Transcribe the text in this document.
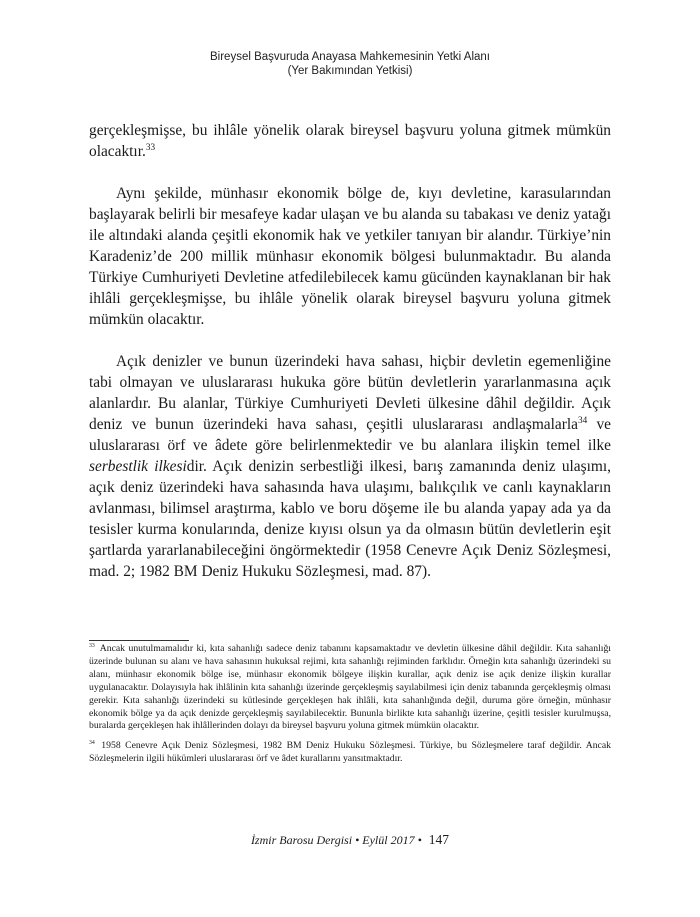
Bireysel Başvuruda Anayasa Mahkemesinin Yetki Alanı
(Yer Bakımından Yetkisi)

gerçekleşmişse, bu ihlâle yönelik olarak bireysel başvuru yoluna gitmek mümkün olacaktır.$^{33}$

Aynı şekilde, münhasır ekonomik bölge de, kıyı devletine, karasularından başlayarak belirli bir mesafeye kadar ulaşan ve bu alanda su tabakası ve deniz yatağı ile altındaki alanda çeşitli ekonomik hak ve yetkiler tanıyan bir alandır. Türkiye’nin Karadeniz’de 200 millik münhasır ekonomik bölgesi bulunmaktadır. Bu alanda Türkiye Cumhuriyeti Devletine atfedilebilecek kamu gücünden kaynaklanan bir hak ihlâli gerçekleşmişse, bu ihlâle yönelik olarak bireysel başvuru yoluna gitmek mümkün olacaktır.

Açık denizler ve bunun üzerindeki hava sahası, hiçbir devletin egemenliğine tabi olmayan ve uluslararası hukuka göre bütün devletlerin yararlanmasına açık alanlardır. Bu alanlar, Türkiye Cumhuriyeti Devleti ülkesine dâhil değildir. Açık deniz ve bunun üzerindeki hava sahası, çeşitli uluslararası andlaşmalarla$^{34}$ ve uluslararası örf ve âdete göre belirlenmektedir ve bu alanlara ilişkin temel ilke serbestlik ilkesidir. Açık denizin serbestliği ilkesi, barış zamanında deniz ulaşımı, açık deniz üzerindeki hava sahasında hava ulaşımı, balıkçılık ve canlı kaynakların avlanması, bilimsel araştırma, kablo ve boru döşeme ile bu alanda yapay ada ya da tesisler kurma konularında, denize kıyısı olsun ya da olmasın bütün devletlerin eşit şartlarda yararlanabileceğini öngörmektedir (1958 Cenevre Açık Deniz Sözleşmesi, mad. 2; 1982 BM Deniz Hukuku Sözleşmesi, mad. 87).

$^{33}$ Ancak unutulmamalıdır ki, kıta sahanlığı sadece deniz tabanını kapsamaktadır ve devletin ülkesine dâhil değildir. Kıta sahanlığı üzerinde bulunan su alanı ve hava sahasının hukuksal rejimi, kıta sahanlığı rejiminden farklıdır. Örneğin kıta sahanlığı üzerindeki su alanı, münhasır ekonomik bölge ise, münhasır ekonomik bölgeye ilişkin kurallar, açık deniz ise açık denize ilişkin kurallar uygulanacaktır. Dolayısıyla hak ihlâlinin kıta sahanlığı üzerinde gerçekleşmiş sayılabilmesi için deniz tabanında gerçekleşmiş olması gerekir. Kıta sahanlığı üzerindeki su kütlesinde gerçekleşen hak ihlâli, kıta sahanlığında değil, duruma göre örneğin, münhasır ekonomik bölge ya da açık denizde gerçekleşmiş sayılabilecektir. Bununla birlikte kıta sahanlığı üzerine, çeşitli tesisler kurulmuşsa, buralarda gerçekleşen hak ihlâllerinden dolayı da bireysel başvuru yoluna gitmek mümkün olacaktır.

$^{34}$ 1958 Cenevre Açık Deniz Sözleşmesi, 1982 BM Deniz Hukuku Sözleşmesi. Türkiye, bu Sözleşmelere taraf değildir. Ancak Sözleşmelerin ilgili hükümleri uluslararası örf ve âdet kurallarını yansıtmaktadır.

İzmir Barosu Dergisi • Eylül 2017 • 147
